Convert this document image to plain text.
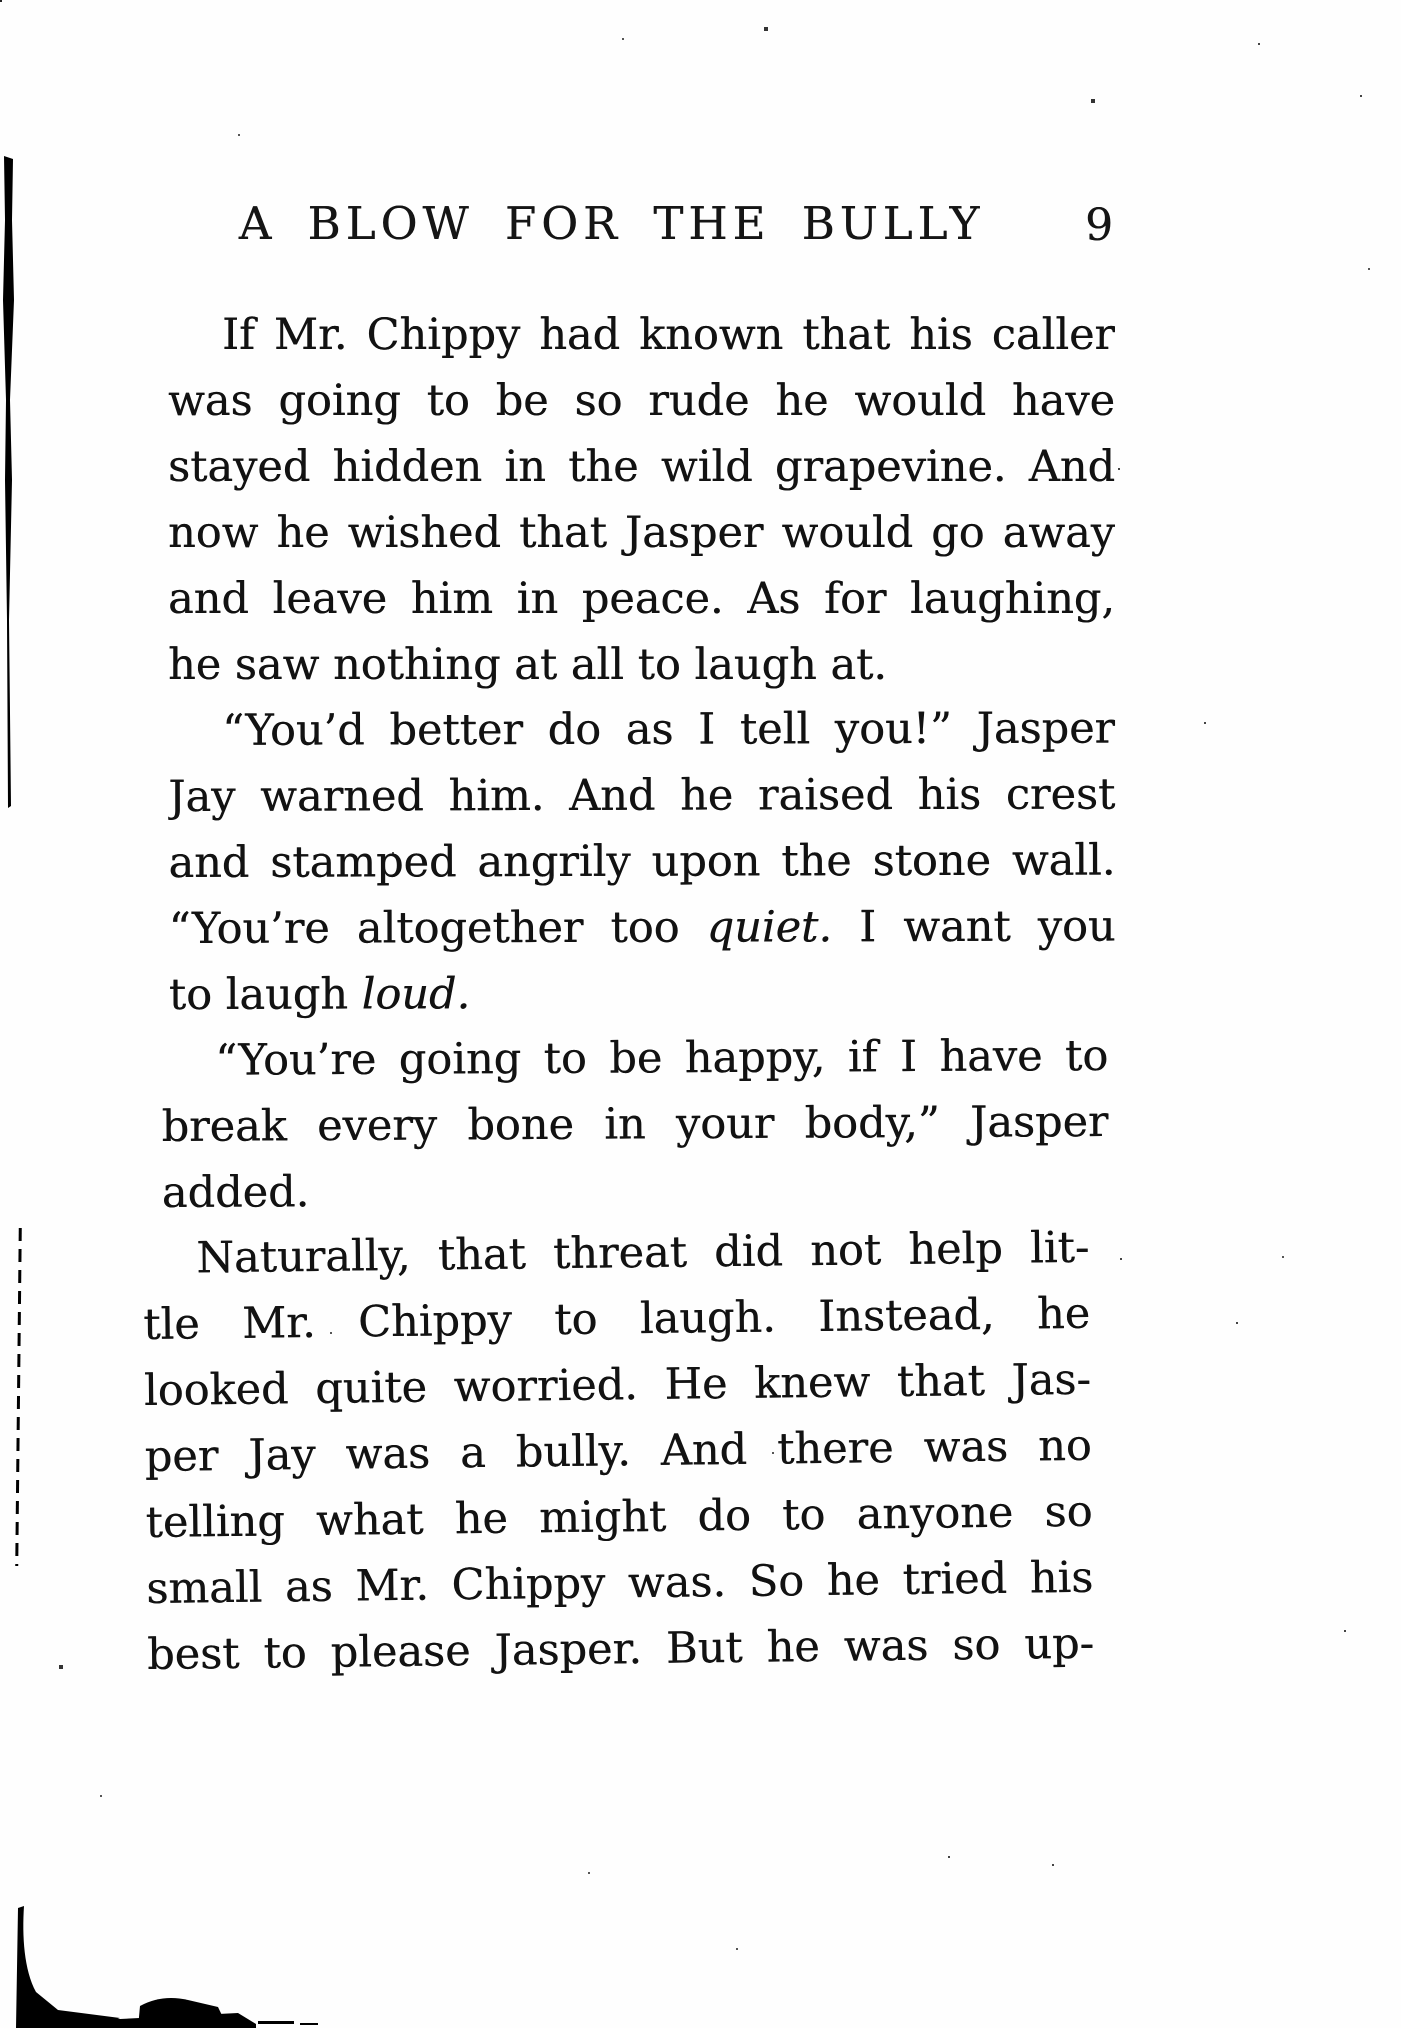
A BLOW FOR THE BULLY	9
If Mr. Chippy had known that his caller
was going to be so rude he would have
stayed hidden in the wild grapevine. And
now he wished that Jasper would go away
and leave him in peace. As for laughing,
he saw nothing at all to laugh at.
“You’d better do as I tell you!” Jasper
Jay warned him. And he raised his crest
and stamped angrily upon the stone wall.
“You’re altogether too quiet. I want you
to laugh loud.
“You’re going to be happy, if I have to
break every bone in your body,” Jasper
added.
Naturally, that threat did not help lit-
tle Mr. Chippy to laugh. Instead, he
looked quite worried. He knew that Jas-
per Jay was a bully. And there was no
telling what he might do to anyone so
small as Mr. Chippy was. So he tried his
best to please Jasper. But he was so up-
